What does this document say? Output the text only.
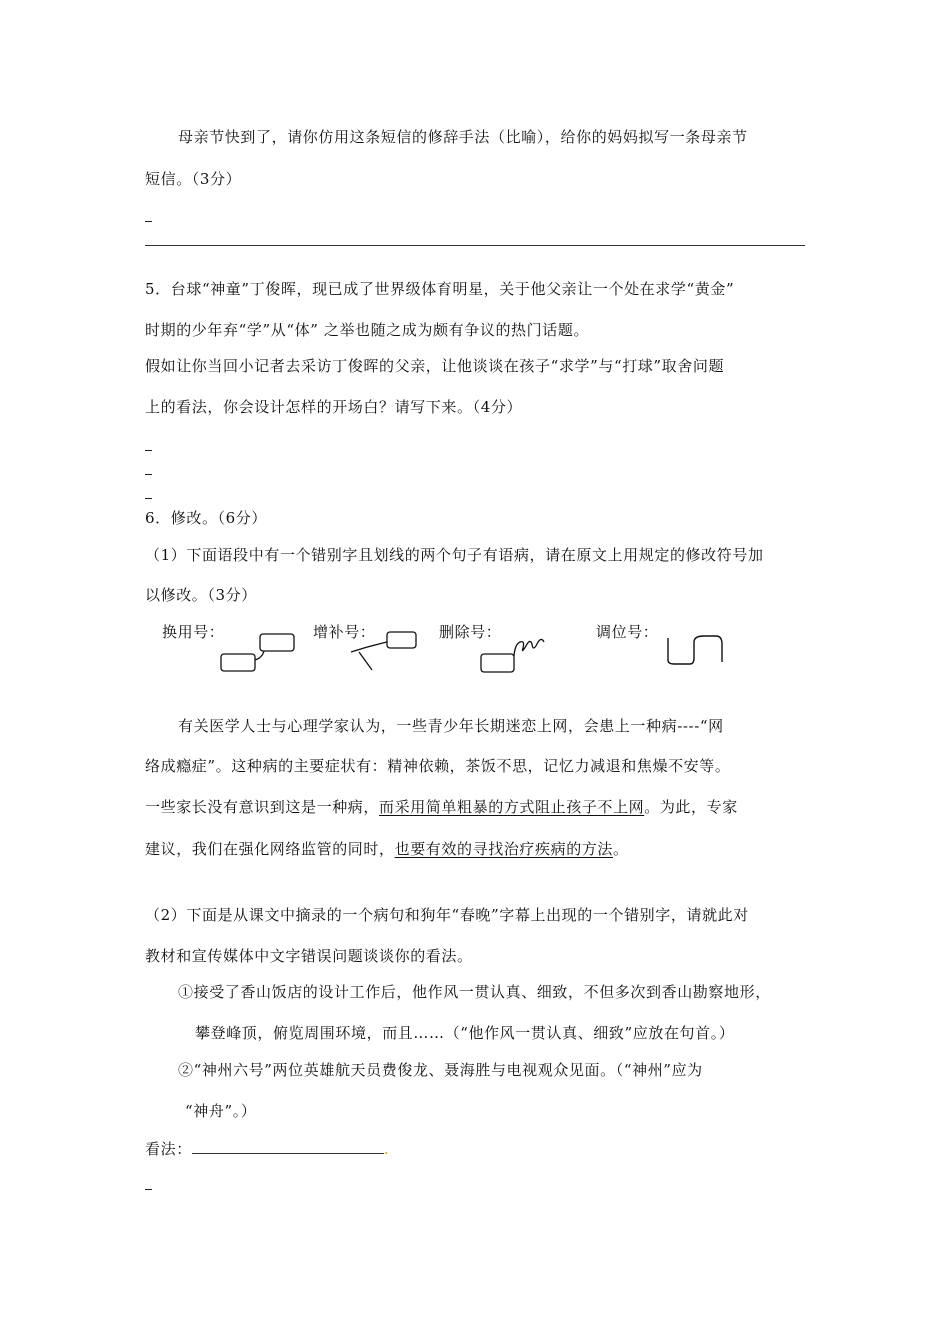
母亲节快到了，请你仿用这条短信的修辞手法（比喻），给你的妈妈拟写一条母亲节
短信。（3分）
5．台球“神童”丁俊晖，现已成了世界级体育明星，关于他父亲让一个处在求学“黄金”
时期的少年弃“学”从“体” 之举也随之成为颇有争议的热门话题。
假如让你当回小记者去采访丁俊晖的父亲，让他谈谈在孩子“求学”与“打球”取舍问题
上的看法，你会设计怎样的开场白？请写下来。（4分）
6．修改。（6分）
（1）下面语段中有一个错别字且划线的两个句子有语病，请在原文上用规定的修改符号加
以修改。（3分）
换用号：	增补号：	删除号：	调位号：
有关医学人士与心理学家认为，一些青少年长期迷恋上网，会患上一种病----“网
络成瘾症”。这种病的主要症状有：精神依赖，茶饭不思，记忆力减退和焦燥不安等。
一些家长没有意识到这是一种病，而采用简单粗暴的方式阻止孩子不上网。为此，专家
建议，我们在强化网络监管的同时，也要有效的寻找治疗疾病的方法。
（2）下面是从课文中摘录的一个病句和狗年“春晚”字幕上出现的一个错别字，请就此对
教材和宣传媒体中文字错误问题谈谈你的看法。
①接受了香山饭店的设计工作后，他作风一贯认真、细致，不但多次到香山勘察地形，
攀登峰顶，俯览周围环境，而且……（“他作风一贯认真、细致”应放在句首。）
②“神州六号”两位英雄航天员费俊龙、聂海胜与电视观众见面。（“神州”应为
“神舟”。）
看法：	.
